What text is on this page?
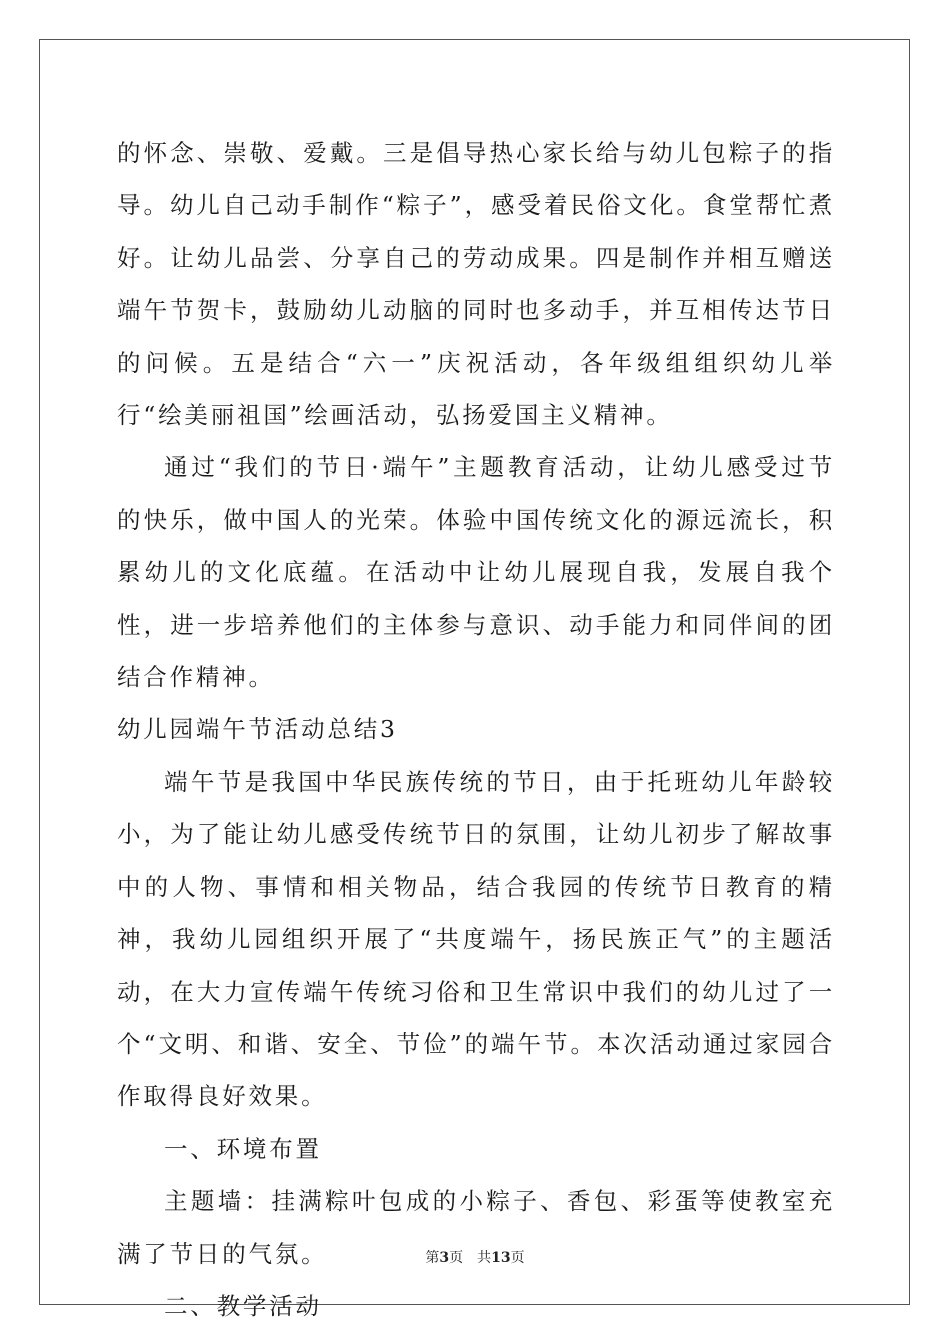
的怀念、崇敬、爱戴。三是倡导热心家长给与幼儿包粽子的指导。幼儿自己动手制作“粽子”，感受着民俗文化。食堂帮忙煮好。让幼儿品尝、分享自己的劳动成果。四是制作并相互赠送端午节贺卡，鼓励幼儿动脑的同时也多动手，并互相传达节日的问候。五是结合“六一”庆祝活动，各年级组组织幼儿举行“绘美丽祖国”绘画活动，弘扬爱国主义精神。

通过“我们的节日·端午”主题教育活动，让幼儿感受过节的快乐，做中国人的光荣。体验中国传统文化的源远流长，积累幼儿的文化底蕴。在活动中让幼儿展现自我，发展自我个性，进一步培养他们的主体参与意识、动手能力和同伴间的团结合作精神。

幼儿园端午节活动总结3

端午节是我国中华民族传统的节日，由于托班幼儿年龄较小，为了能让幼儿感受传统节日的氛围，让幼儿初步了解故事中的人物、事情和相关物品，结合我园的传统节日教育的精神，我幼儿园组织开展了“共度端午，扬民族正气”的主题活动，在大力宣传端午传统习俗和卫生常识中我们的幼儿过了一个“文明、和谐、安全、节俭”的端午节。本次活动通过家园合作取得良好效果。

一、环境布置

主题墙：挂满粽叶包成的小粽子、香包、彩蛋等使教室充满了节日的气氛。

二、教学活动

第3页 共13页
